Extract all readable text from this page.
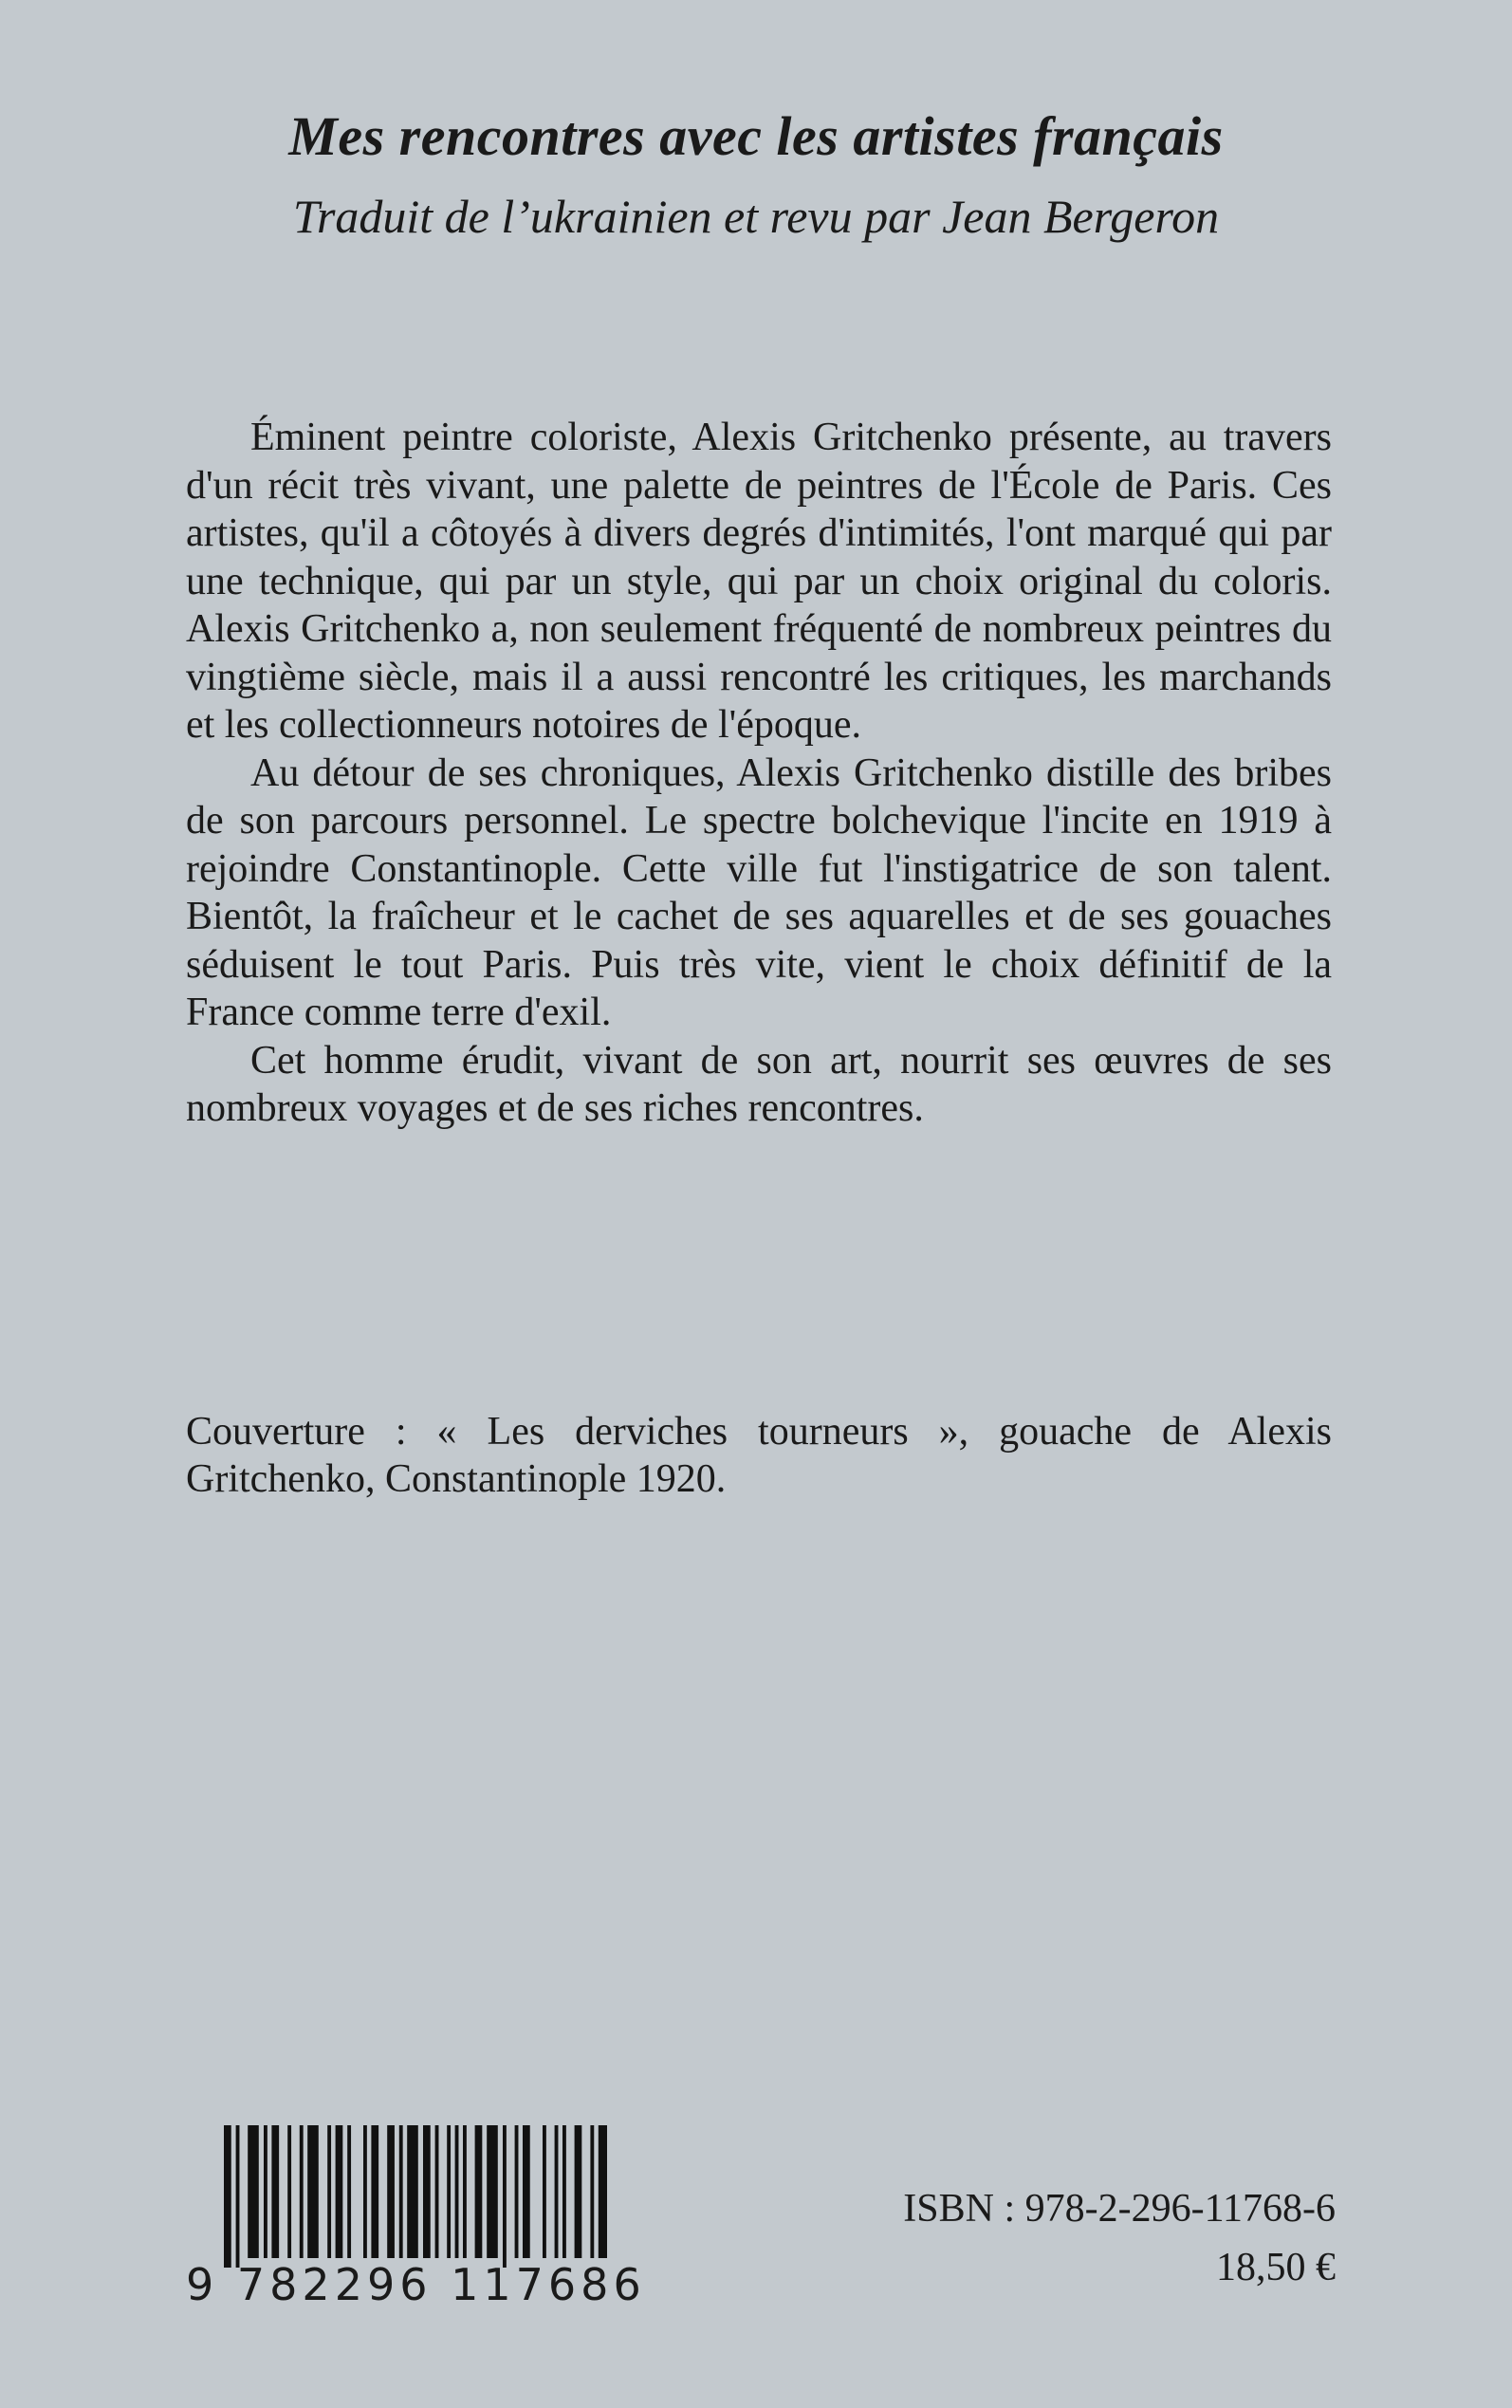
Mes rencontres avec les artistes français
Traduit de l’ukrainien et revu par Jean Bergeron

Éminent peintre coloriste, Alexis Gritchenko présente, au travers d'un récit très vivant, une palette de peintres de l'École de Paris. Ces artistes, qu'il a côtoyés à divers degrés d'intimités, l'ont marqué qui par une technique, qui par un style, qui par un choix original du coloris. Alexis Gritchenko a, non seulement fréquenté de nombreux peintres du vingtième siècle, mais il a aussi rencontré les critiques, les marchands et les collectionneurs notoires de l'époque.

Au détour de ses chroniques, Alexis Gritchenko distille des bribes de son parcours personnel. Le spectre bolchevique l'incite en 1919 à rejoindre Constantinople. Cette ville fut l'instigatrice de son talent. Bientôt, la fraîcheur et le cachet de ses aquarelles et de ses gouaches séduisent le tout Paris. Puis très vite, vient le choix définitif de la France comme terre d'exil.

Cet homme érudit, vivant de son art, nourrit ses œuvres de ses nombreux voyages et de ses riches rencontres.

Couverture : « Les derviches tourneurs », gouache de Alexis Gritchenko, Constantinople 1920.
9 782296 117686
ISBN : 978-2-296-11768-6
18,50 €
